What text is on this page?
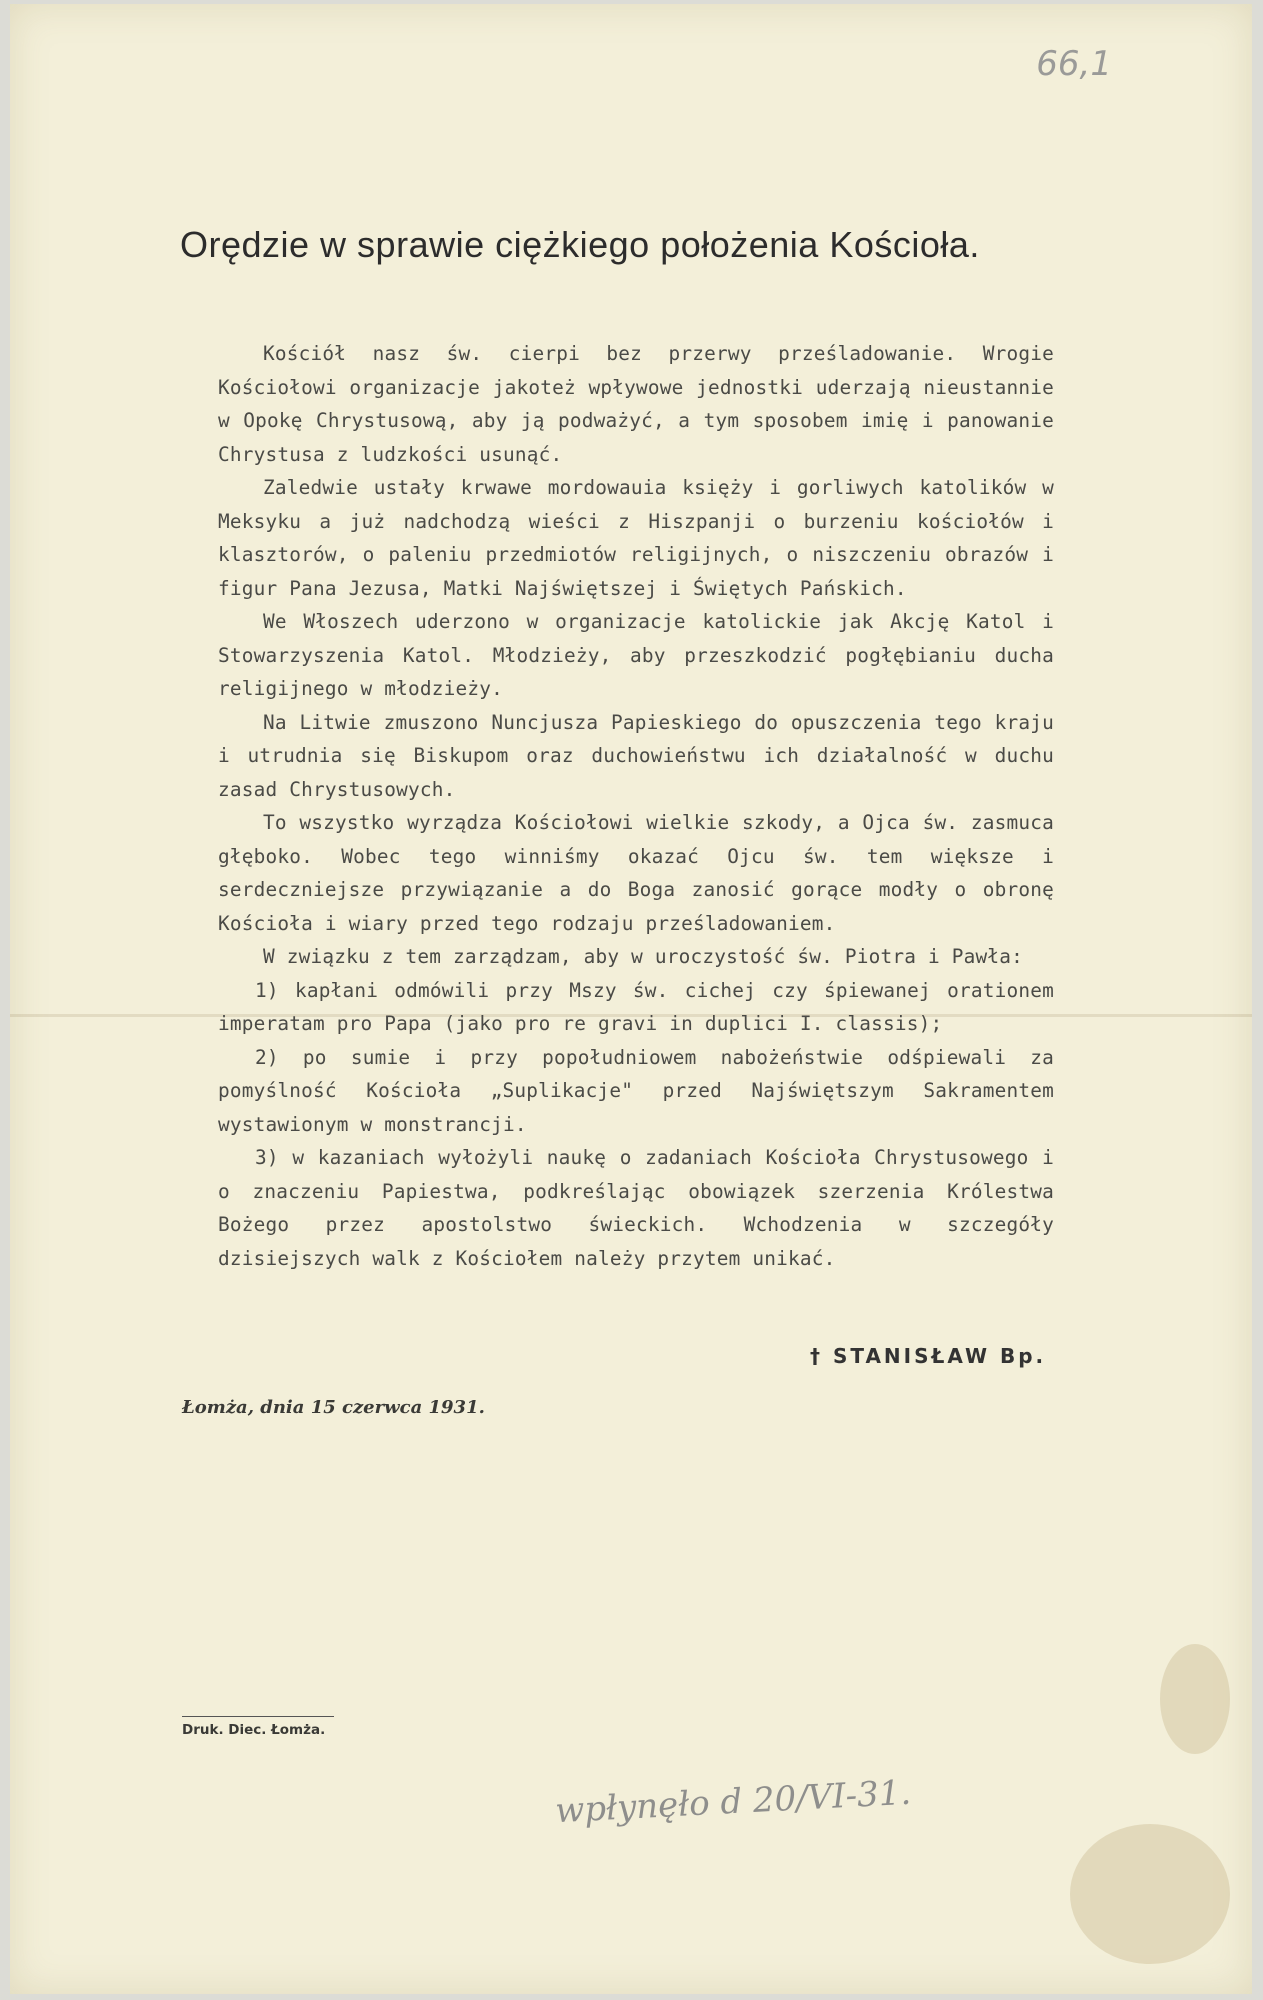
66,1
Orędzie w sprawie ciężkiego położenia Kościoła.

Kościół nasz św. cierpi bez przerwy prześladowanie. Wrogie Kościołowi organizacje jakoteż wpływowe jednostki uderzają nieustannie w Opokę Chrystusową, aby ją podważyć, a tym sposobem imię i panowanie Chrystusa z ludzkości usunąć.

Zaledwie ustały krwawe mordowauia księży i gorliwych katolików w Meksyku a już nadchodzą wieści z Hiszpanji o burzeniu kościołów i klasztorów, o paleniu przedmiotów religijnych, o niszczeniu obrazów i figur Pana Jezusa, Matki Najświętszej i Świętych Pańskich.

We Włoszech uderzono w organizacje katolickie jak Akcję Katol i Stowarzyszenia Katol. Młodzieży, aby przeszkodzić pogłębianiu ducha religijnego w młodzieży.

Na Litwie zmuszono Nuncjusza Papieskiego do opuszczenia tego kraju i utrudnia się Biskupom oraz duchowieństwu ich działalność w duchu zasad Chrystusowych.

To wszystko wyrządza Kościołowi wielkie szkody, a Ojca św. zasmuca głęboko. Wobec tego winniśmy okazać Ojcu św. tem większe i serdeczniejsze przywiązanie a do Boga zanosić gorące modły o obronę Kościoła i wiary przed tego rodzaju prześladowaniem.

W związku z tem zarządzam, aby w uroczystość św. Piotra i Pawła:

1) kapłani odmówili przy Mszy św. cichej czy śpiewanej orationem imperatam pro Papa (jako pro re gravi in duplici I. classis);

2) po sumie i przy popołudniowem nabożeństwie odśpiewali za pomyślność Kościoła „Suplikacje" przed Najświętszym Sakramentem wystawionym w monstrancji.

3) w kazaniach wyłożyli naukę o zadaniach Kościoła Chrystusowego i o znaczeniu Papiestwa, podkreślając obowiązek szerzenia Królestwa Bożego przez apostolstwo świeckich. Wchodzenia w szczegóły dzisiejszych walk z Kościołem należy przytem unikać.

† STANISŁAW Bp.
Łomża, dnia 15 czerwca 1931.
Druk. Diec. Łomża.
wpłynęło d 20/VI-31.
